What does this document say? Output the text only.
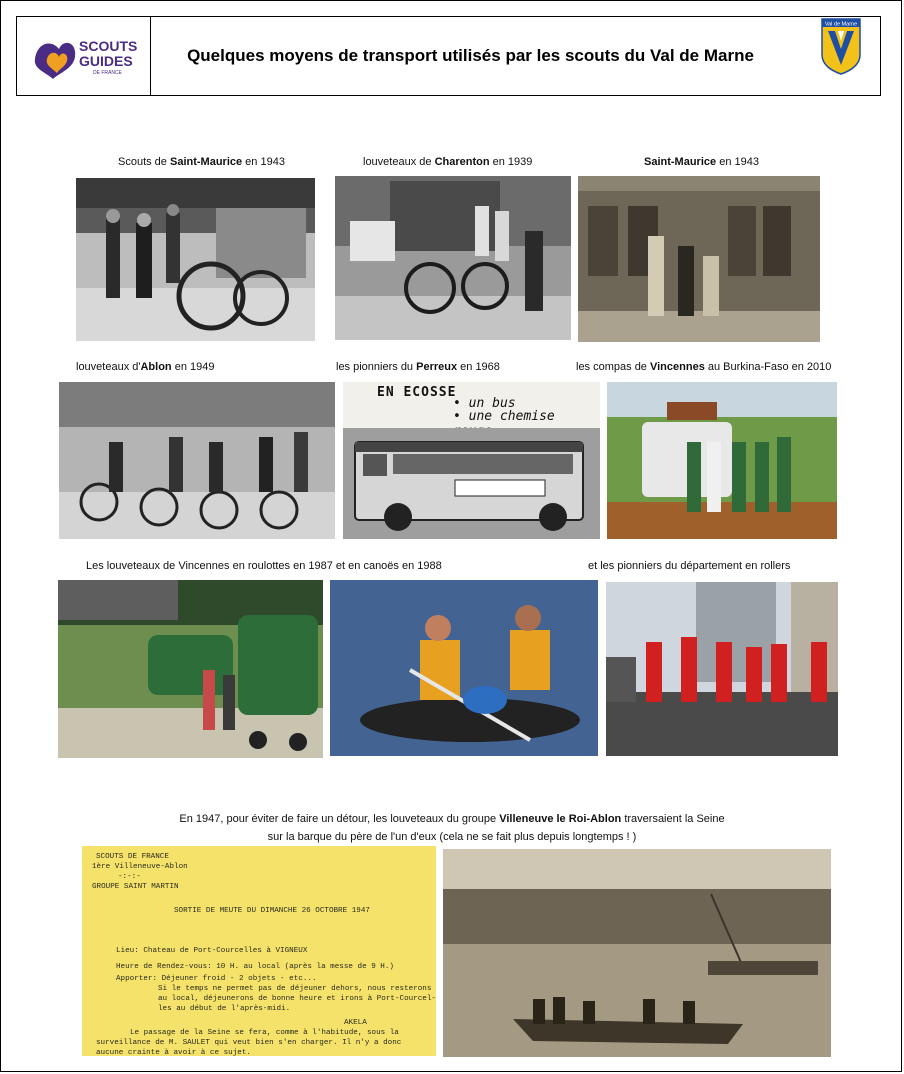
SCOUTS
GUIDES
DE FRANCE
Quelques moyens de transport utilisés par les scouts du Val de Marne
Val de Marne
Scouts de Saint-Maurice en 1943	louveteaux de Charenton en 1939	Saint-Maurice en 1943
louveteaux d'Ablon en 1949	les pionniers du Perreux en 1968	les compas de Vincennes au Burkina-Faso en 2010
EN ECOSSE
• un bus
• une chemise
Les louveteaux de Vincennes en roulottes en 1987 et en canoës en 1988	et les pionniers du département en rollers
En 1947, pour éviter de faire un détour, les louveteaux du groupe Villeneuve le Roi-Ablon traversaient la Seine
sur la barque du père de l'un d'eux (cela ne se fait plus depuis longtemps ! )
SCOUTS DE FRANCE
1ère Villeneuve-Ablon
-:-:-
GROUPE SAINT MARTIN
SORTIE DE MEUTE DU DIMANCHE 26 OCTOBRE 1947
Lieu: Chateau de Port-Courcelles à VIGNEUX
Heure de Rendez-vous: 10 H. au local (après la messe de 9 H.)
Apporter: Déjeuner froid - 2 objets - etc...
Si le temps ne permet pas de déjeuner dehors, nous resterons
au local, déjeunerons de bonne heure et irons à Port-Courcel-
les au début de l'après-midi.
AKELA
Le passage de la Seine se fera, comme à l'habitude, sous la
surveillance de M. SAULET qui veut bien s'en charger. Il n'y a donc
aucune crainte à avoir à ce sujet.
